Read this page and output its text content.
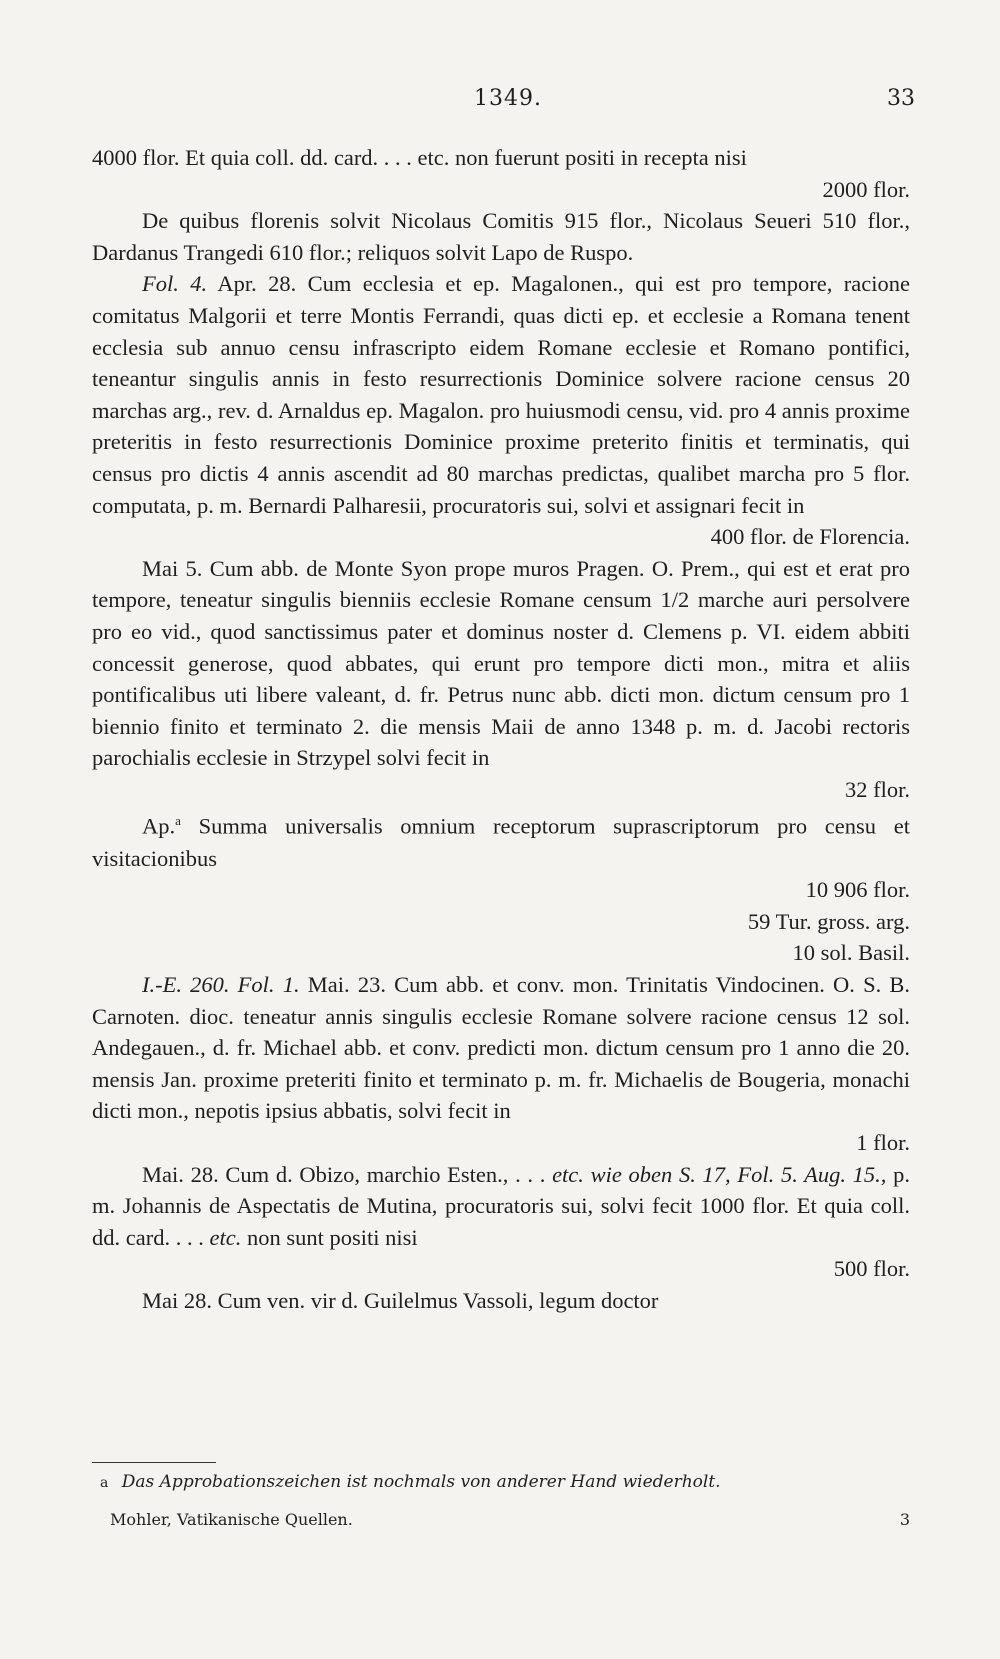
1349.	33

4000 flor. Et quia coll. dd. card. . . . etc. non fuerunt positi in recepta nisi

2000 flor.

De quibus florenis solvit Nicolaus Comitis 915 flor., Nicolaus Seueri 510 flor., Dardanus Trangedi 610 flor.; reliquos solvit Lapo de Ruspo.

Fol. 4. Apr. 28. Cum ecclesia et ep. Magalonen., qui est pro tempore, racione comitatus Malgorii et terre Montis Ferrandi, quas dicti ep. et ecclesie a Romana tenent ecclesia sub annuo censu infrascripto eidem Romane ecclesie et Romano pontifici, teneantur singulis annis in festo resurrectionis Dominice solvere racione census 20 marchas arg., rev. d. Arnaldus ep. Magalon. pro huiusmodi censu, vid. pro 4 annis proxime preteritis in festo resurrectionis Dominice proxime preterito finitis et terminatis, qui census pro dictis 4 annis ascendit ad 80 marchas predictas, qualibet marcha pro 5 flor. computata, p. m. Bernardi Palharesii, procuratoris sui, solvi et assignari fecit in

400 flor. de Florencia.

Mai 5. Cum abb. de Monte Syon prope muros Pragen. O. Prem., qui est et erat pro tempore, teneatur singulis bienniis ecclesie Romane censum 1/2 marche auri persolvere pro eo vid., quod sanctissimus pater et dominus noster d. Clemens p. VI. eidem abbiti concessit generose, quod abbates, qui erunt pro tempore dicti mon., mitra et aliis pontificalibus uti libere valeant, d. fr. Petrus nunc abb. dicti mon. dictum censum pro 1 biennio finito et terminato 2. die mensis Maii de anno 1348 p. m. d. Jacobi rectoris parochialis ecclesie in Strzypel solvi fecit in

32 flor.

Ap.$^a$ Summa universalis omnium receptorum suprascriptorum pro censu et visitacionibus

10 906 flor.
59 Tur. gross. arg.
10 sol. Basil.

I.-E. 260. Fol. 1. Mai. 23. Cum abb. et conv. mon. Trinitatis Vindocinen. O. S. B. Carnoten. dioc. teneatur annis singulis ecclesie Romane solvere racione census 12 sol. Andegauen., d. fr. Michael abb. et conv. predicti mon. dictum censum pro 1 anno die 20. mensis Jan. proxime preteriti finito et terminato p. m. fr. Michaelis de Bougeria, monachi dicti mon., nepotis ipsius abbatis, solvi fecit in

1 flor.

Mai. 28. Cum d. Obizo, marchio Esten., . . . etc. wie oben S. 17, Fol. 5. Aug. 15., p. m. Johannis de Aspectatis de Mutina, procuratoris sui, solvi fecit 1000 flor. Et quia coll. dd. card. . . . etc. non sunt positi nisi

500 flor.

Mai 28. Cum ven. vir d. Guilelmus Vassoli, legum doctor

a Das Approbationszeichen ist nochmals von anderer Hand wiederholt.
Mohler, Vatikanische Quellen.	3
